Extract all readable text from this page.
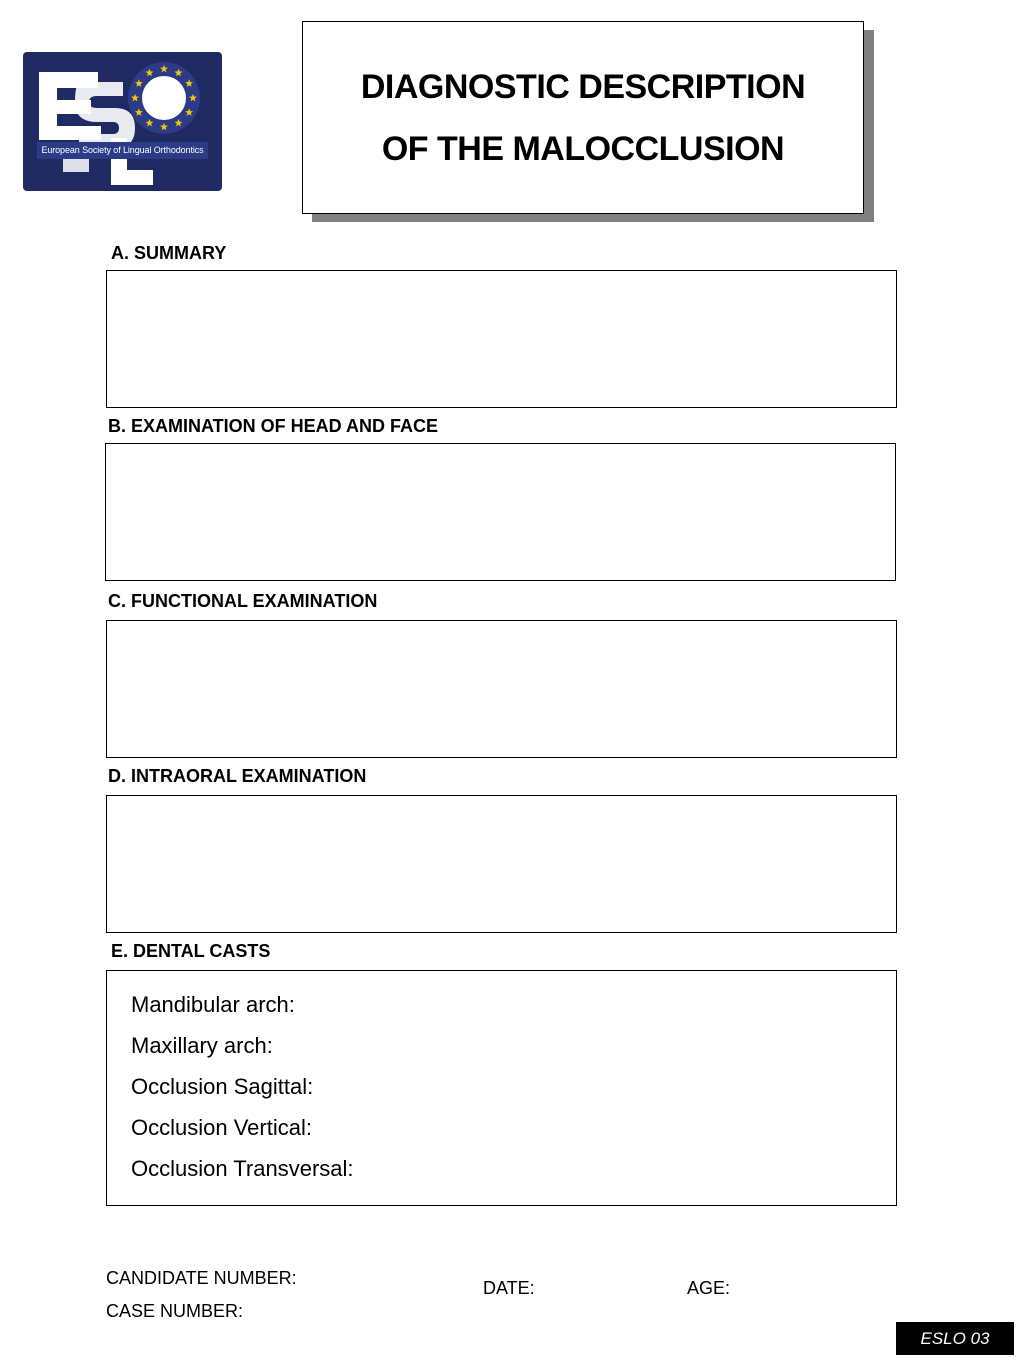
European Society of Lingual Orthodontics
DIAGNOSTIC DESCRIPTION
OF THE MALOCCLUSION
A. SUMMARY
B. EXAMINATION OF HEAD AND FACE
C. FUNCTIONAL EXAMINATION
D. INTRAORAL EXAMINATION
E. DENTAL CASTS
Mandibular arch:
Maxillary arch:
Occlusion Sagittal:
Occlusion Vertical:
Occlusion Transversal:
CANDIDATE NUMBER:
CASE NUMBER:
DATE:	AGE:
ESLO 03
